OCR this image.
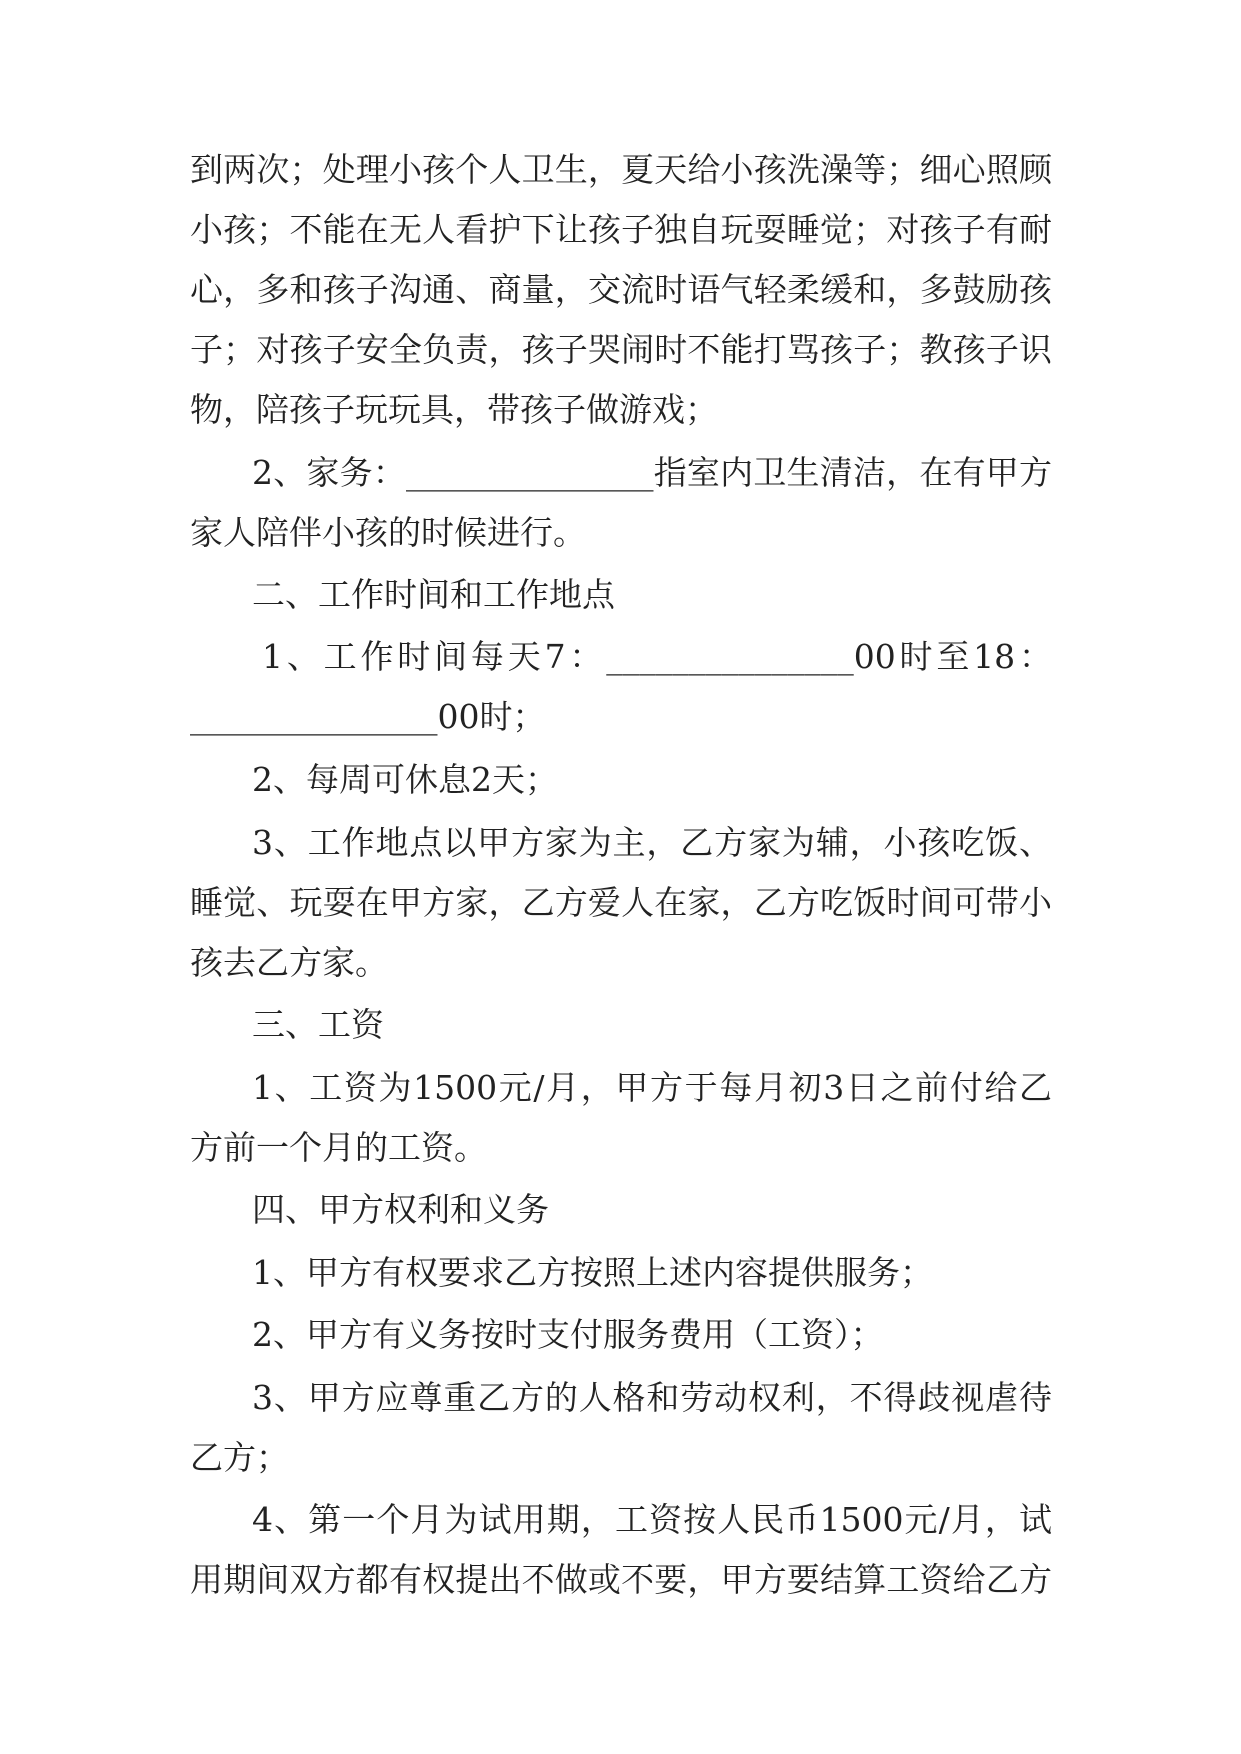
到两次；处理小孩个人卫生，夏天给小孩洗澡等；细心照顾
小孩；不能在无人看护下让孩子独自玩耍睡觉；对孩子有耐
心，多和孩子沟通、商量，交流时语气轻柔缓和，多鼓励孩
子；对孩子安全负责，孩子哭闹时不能打骂孩子；教孩子识
物，陪孩子玩玩具，带孩子做游戏；
2、家务：_______________指室内卫生清洁，在有甲方
家人陪伴小孩的时候进行。
二、工作时间和工作地点
1、工作时间每天7：_______________00时至18：
_______________00时；
2、每周可休息2天；
3、工作地点以甲方家为主，乙方家为辅，小孩吃饭、
睡觉、玩耍在甲方家，乙方爱人在家，乙方吃饭时间可带小
孩去乙方家。
三、工资
1、工资为1500元/月，甲方于每月初3日之前付给乙
方前一个月的工资。
四、甲方权利和义务
1、甲方有权要求乙方按照上述内容提供服务；
2、甲方有义务按时支付服务费用（工资）；
3、甲方应尊重乙方的人格和劳动权利，不得歧视虐待
乙方；
4、第一个月为试用期，工资按人民币1500元/月，试
用期间双方都有权提出不做或不要，甲方要结算工资给乙方
